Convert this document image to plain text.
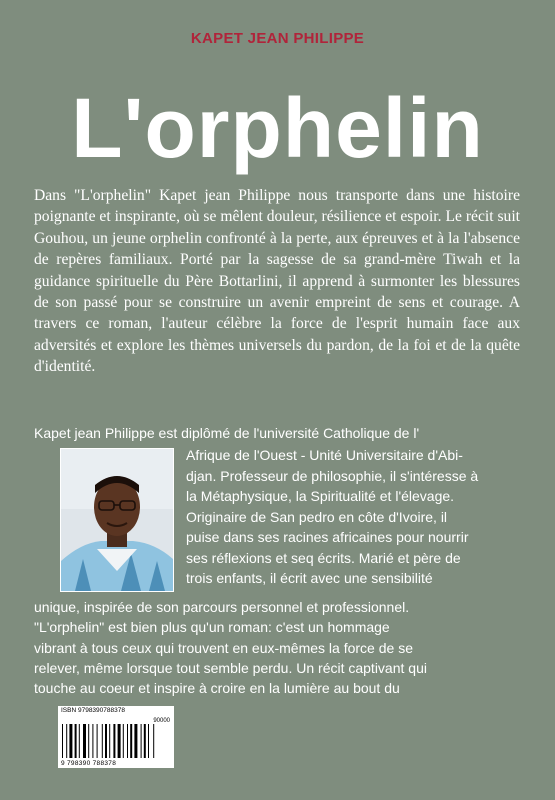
KAPET JEAN PHILIPPE
L'orphelin

Dans "L'orphelin" Kapet jean Philippe nous transporte dans une histoire poignante et inspirante, où se mêlent douleur, résilience et espoir. Le récit suit Gouhou, un jeune orphelin confronté à la perte, aux épreuves et à la l'absence de repères familiaux. Porté par la sagesse de sa grand-mère Tiwah et la guidance spirituelle du Père Bottarlini, il apprend à surmonter les blessures de son passé pour se construire un avenir empreint de sens et courage. A travers ce roman, l'auteur célèbre la force de l'esprit humain face aux adversités et explore les thèmes universels du pardon, de la foi et de la quête d'identité.

Kapet jean Philippe est diplômé de l'université Catholique de l'

Afrique de l'Ouest - Unité Universitaire d'Abi-
djan. Professeur de philosophie, il s'intéresse à
la Métaphysique, la Spiritualité et l'élevage.
Originaire de San pedro en côte d'Ivoire, il
puise dans ses racines africaines pour nourrir
ses réflexions et seq écrits. Marié et père de
trois enfants, il écrit avec une sensibilité
unique, inspirée de son parcours personnel et professionnel.
"L'orphelin" est bien plus qu'un roman: c'est un hommage
vibrant à tous ceux qui trouvent en eux-mêmes la force de se
relever, même lorsque tout semble perdu. Un récit captivant qui
touche au coeur et inspire à croire en la lumière au bout du
ISBN 9798390788378
90000
9 798390 788378
